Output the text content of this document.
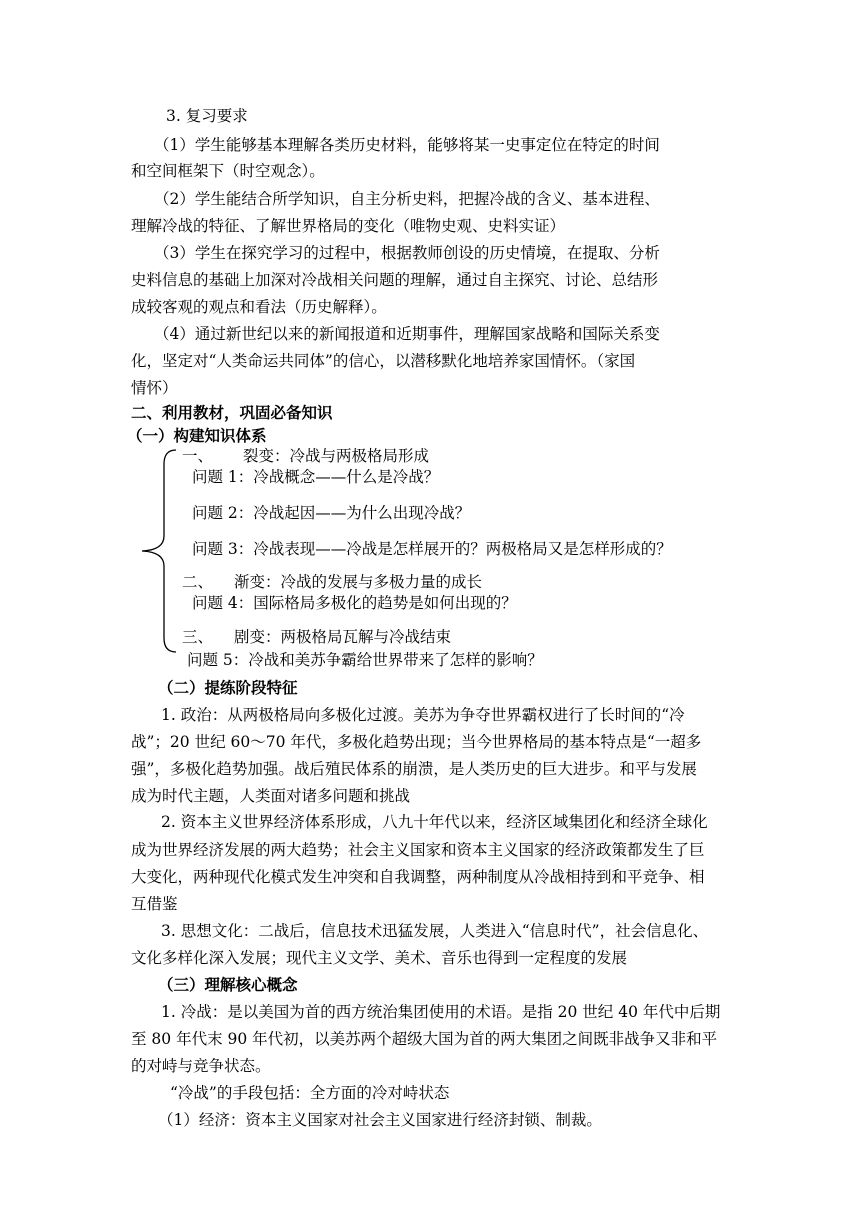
3. 复习要求
（1）学生能够基本理解各类历史材料，能够将某一史事定位在特定的时间
和空间框架下（时空观念）。
（2）学生能结合所学知识，自主分析史料，把握冷战的含义、基本进程、
理解冷战的特征、了解世界格局的变化（唯物史观、史料实证）
（3）学生在探究学习的过程中，根据教师创设的历史情境，在提取、分析
史料信息的基础上加深对冷战相关问题的理解，通过自主探究、讨论、总结形
成较客观的观点和看法（历史解释）。
（4）通过新世纪以来的新闻报道和近期事件，理解国家战略和国际关系变
化，坚定对“人类命运共同体”的信心，以潜移默化地培养家国情怀。（家国
情怀）
二、利用教材，巩固必备知识
（一）构建知识体系
一、 裂变：冷战与两极格局形成
问题 1：冷战概念——什么是冷战？
问题 2：冷战起因——为什么出现冷战？
问题 3：冷战表现——冷战是怎样展开的？两极格局又是怎样形成的？
二、 渐变：冷战的发展与多极力量的成长
问题 4：国际格局多极化的趋势是如何出现的？
三、 剧变：两极格局瓦解与冷战结束
问题 5：冷战和美苏争霸给世界带来了怎样的影响？
（二）提练阶段特征
1. 政治：从两极格局向多极化过渡。美苏为争夺世界霸权进行了长时间的“冷
战”；20 世纪 60～70 年代，多极化趋势出现；当今世界格局的基本特点是“一超多
强”，多极化趋势加强。战后殖民体系的崩溃，是人类历史的巨大进步。和平与发展
成为时代主题，人类面对诸多问题和挑战
2. 资本主义世界经济体系形成，八九十年代以来，经济区域集团化和经济全球化
成为世界经济发展的两大趋势；社会主义国家和资本主义国家的经济政策都发生了巨
大变化，两种现代化模式发生冲突和自我调整，两种制度从冷战相持到和平竞争、相
互借鉴
3. 思想文化：二战后，信息技术迅猛发展，人类进入“信息时代”，社会信息化、
文化多样化深入发展；现代主义文学、美术、音乐也得到一定程度的发展
（三）理解核心概念
1. 冷战：是以美国为首的西方统治集团使用的术语。是指 20 世纪 40 年代中后期
至 80 年代末 90 年代初，以美苏两个超级大国为首的两大集团之间既非战争又非和平
的对峙与竞争状态。
“冷战”的手段包括：全方面的冷对峙状态
（1）经济：资本主义国家对社会主义国家进行经济封锁、制裁。
